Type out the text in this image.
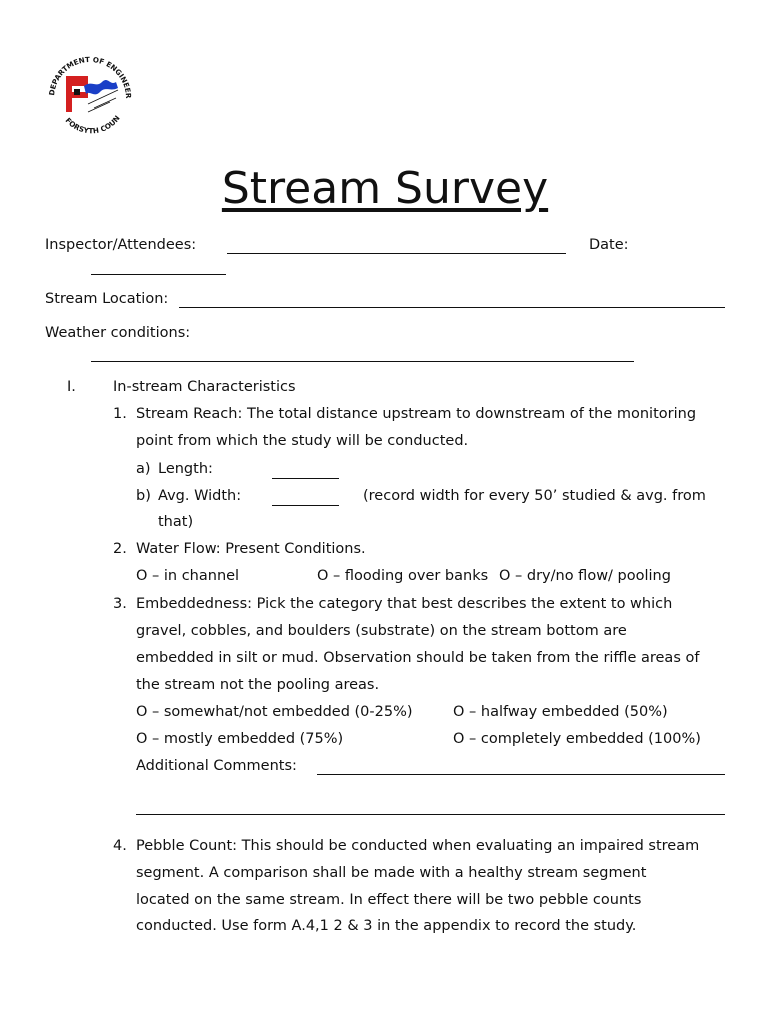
DEPARTMENT OF ENGINEER
FORSYTH COUN
Stream Survey
Inspector/Attendees:	Date:
Stream Location:
Weather conditions:
I.	In-stream Characteristics
1. Stream Reach: The total distance upstream to downstream of the monitoring
point from which the study will be conducted.
a) Length:
b) Avg. Width:	(record width for every 50’ studied & avg. from
that)
2. Water Flow: Present Conditions.
O – in channel	O – flooding over banks O – dry/no flow/ pooling
3. Embeddedness: Pick the category that best describes the extent to which
gravel, cobbles, and boulders (substrate) on the stream bottom are
embedded in silt or mud. Observation should be taken from the riffle areas of
the stream not the pooling areas.
O – somewhat/not embedded (0-25%)	O – halfway embedded (50%)
O – mostly embedded (75%)	O – completely embedded (100%)
Additional Comments:
4. Pebble Count: This should be conducted when evaluating an impaired stream
segment. A comparison shall be made with a healthy stream segment
located on the same stream. In effect there will be two pebble counts
conducted. Use form A.4,1 2 & 3 in the appendix to record the study.
